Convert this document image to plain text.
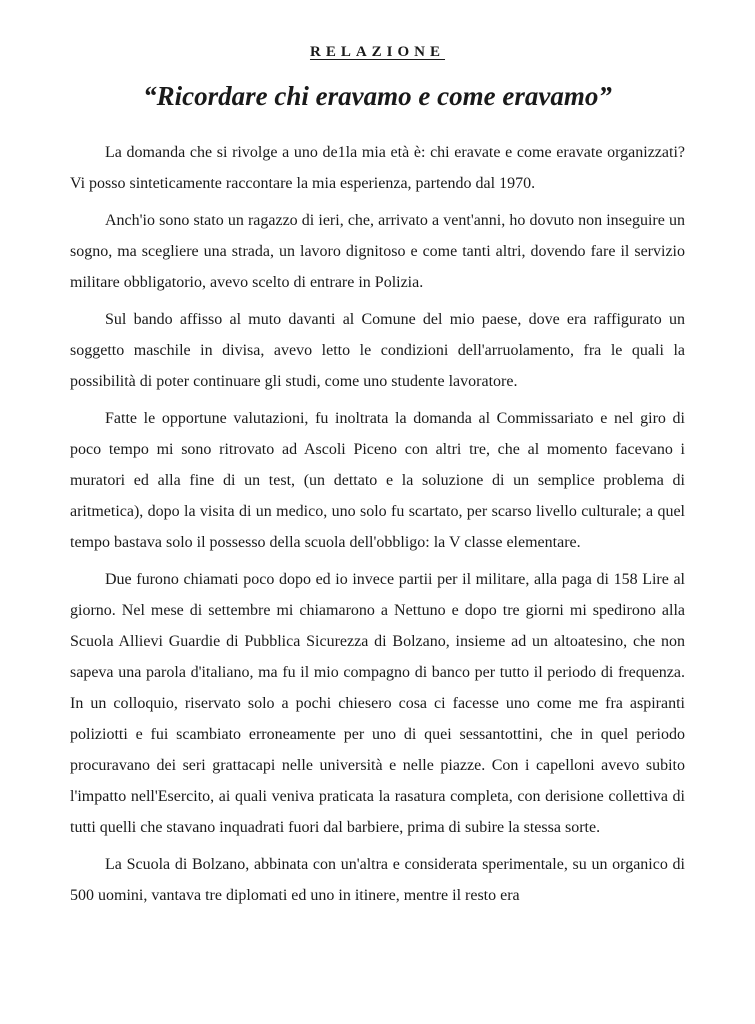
RELAZIONE
“Ricordare chi eravamo e come eravamo”

La domanda che si rivolge a uno de1la mia età è: chi eravate e come eravate organizzati? Vi posso sinteticamente raccontare la mia esperienza, partendo dal 1970.

Anch'io sono stato un ragazzo di ieri, che, arrivato a vent'anni, ho dovuto non inseguire un sogno, ma scegliere una strada, un lavoro dignitoso e come tanti altri, dovendo fare il servizio militare obbligatorio, avevo scelto di entrare in Polizia.

Sul bando affisso al muto davanti al Comune del mio paese, dove era raffigurato un soggetto maschile in divisa, avevo letto le condizioni dell'arruolamento, fra le quali la possibilità di poter continuare gli studi, come uno studente lavoratore.

Fatte le opportune valutazioni, fu inoltrata la domanda al Commissariato e nel giro di poco tempo mi sono ritrovato ad Ascoli Piceno con altri tre, che al momento facevano i muratori ed alla fine di un test, (un dettato e la soluzione di un semplice problema di aritmetica), dopo la visita di un medico, uno solo fu scartato, per scarso livello culturale; a quel tempo bastava solo il possesso della scuola dell'obbligo: la V classe elementare.

Due furono chiamati poco dopo ed io invece partii per il militare, alla paga di 158 Lire al giorno. Nel mese di settembre mi chiamarono a Nettuno e dopo tre giorni mi spedirono alla Scuola Allievi Guardie di Pubblica Sicurezza di Bolzano, insieme ad un altoatesino, che non sapeva una parola d'italiano, ma fu il mio compagno di banco per tutto il periodo di frequenza. In un colloquio, riservato solo a pochi chiesero cosa ci facesse uno come me fra aspiranti poliziotti e fui scambiato erroneamente per uno di quei sessantottini, che in quel periodo procuravano dei seri grattacapi nelle università e nelle piazze. Con i capelloni avevo subito l'impatto nell'Esercito, ai quali veniva praticata la rasatura completa, con derisione collettiva di tutti quelli che stavano inquadrati fuori dal barbiere, prima di subire la stessa sorte.

La Scuola di Bolzano, abbinata con un'altra e considerata sperimentale, su un organico di 500 uomini, vantava tre diplomati ed uno in itinere, mentre il resto era
